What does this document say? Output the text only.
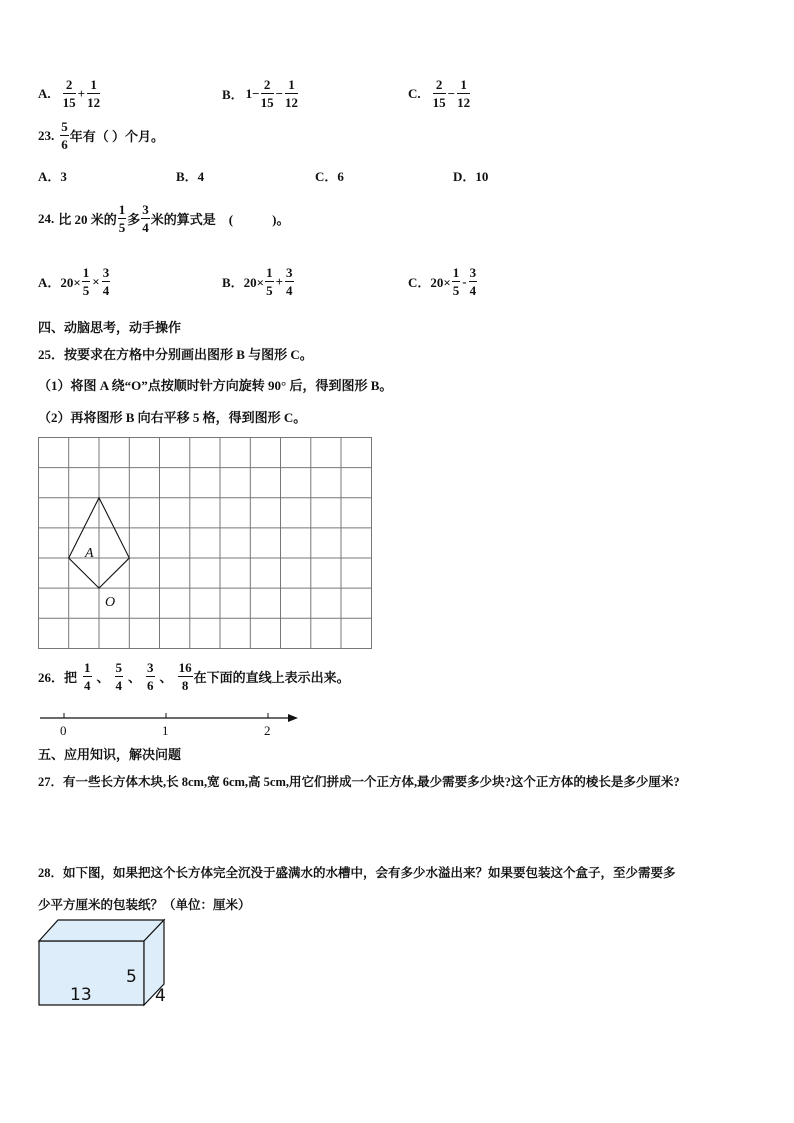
A. $\frac{2}{15} + \frac{1}{12}$	B． $1- \frac{2}{15} - \frac{1}{12}$	C. $\frac{2}{15} - \frac{1}{12}$
23. $\frac{5}{6}$ 年有（ ）个月。
A．3	B．4	C．6	D．10
24. 比 20 米的 $\frac{1}{5}$ 多 $\frac{3}{4}$ 米的算式是　(　　　)。
A．$20\times \frac{1}{5} \times \frac{3}{4}$	B．$20\times \frac{1}{5} + \frac{3}{4}$	C．$20\times \frac{1}{5} - \frac{3}{4}$
四、动脑思考，动手操作
25．按要求在方格中分别画出图形 B 与图形 C。
（1）将图 A 绕“O”点按顺时针方向旋转 90° 后，得到图形 B。
（2）再将图形 B 向右平移 5 格，得到图形 C。
A
O
26．把 $\frac{1}{4}$ 、 $\frac{5}{4}$ 、 $\frac{3}{6}$ 、 $\frac{16}{8}$ 在下面的直线上表示出来。
0	1	2
五、应用知识，解决问题
27．有一些长方体木块,长 8cm,宽 6cm,高 5cm,用它们拼成一个正方体,最少需要多少块?这个正方体的棱长是多少厘米?
28．如下图，如果把这个长方体完全沉没于盛满水的水槽中，会有多少水溢出来？如果要包装这个盒子，至少需要多
少平方厘米的包装纸？（单位：厘米）
13
5
4
